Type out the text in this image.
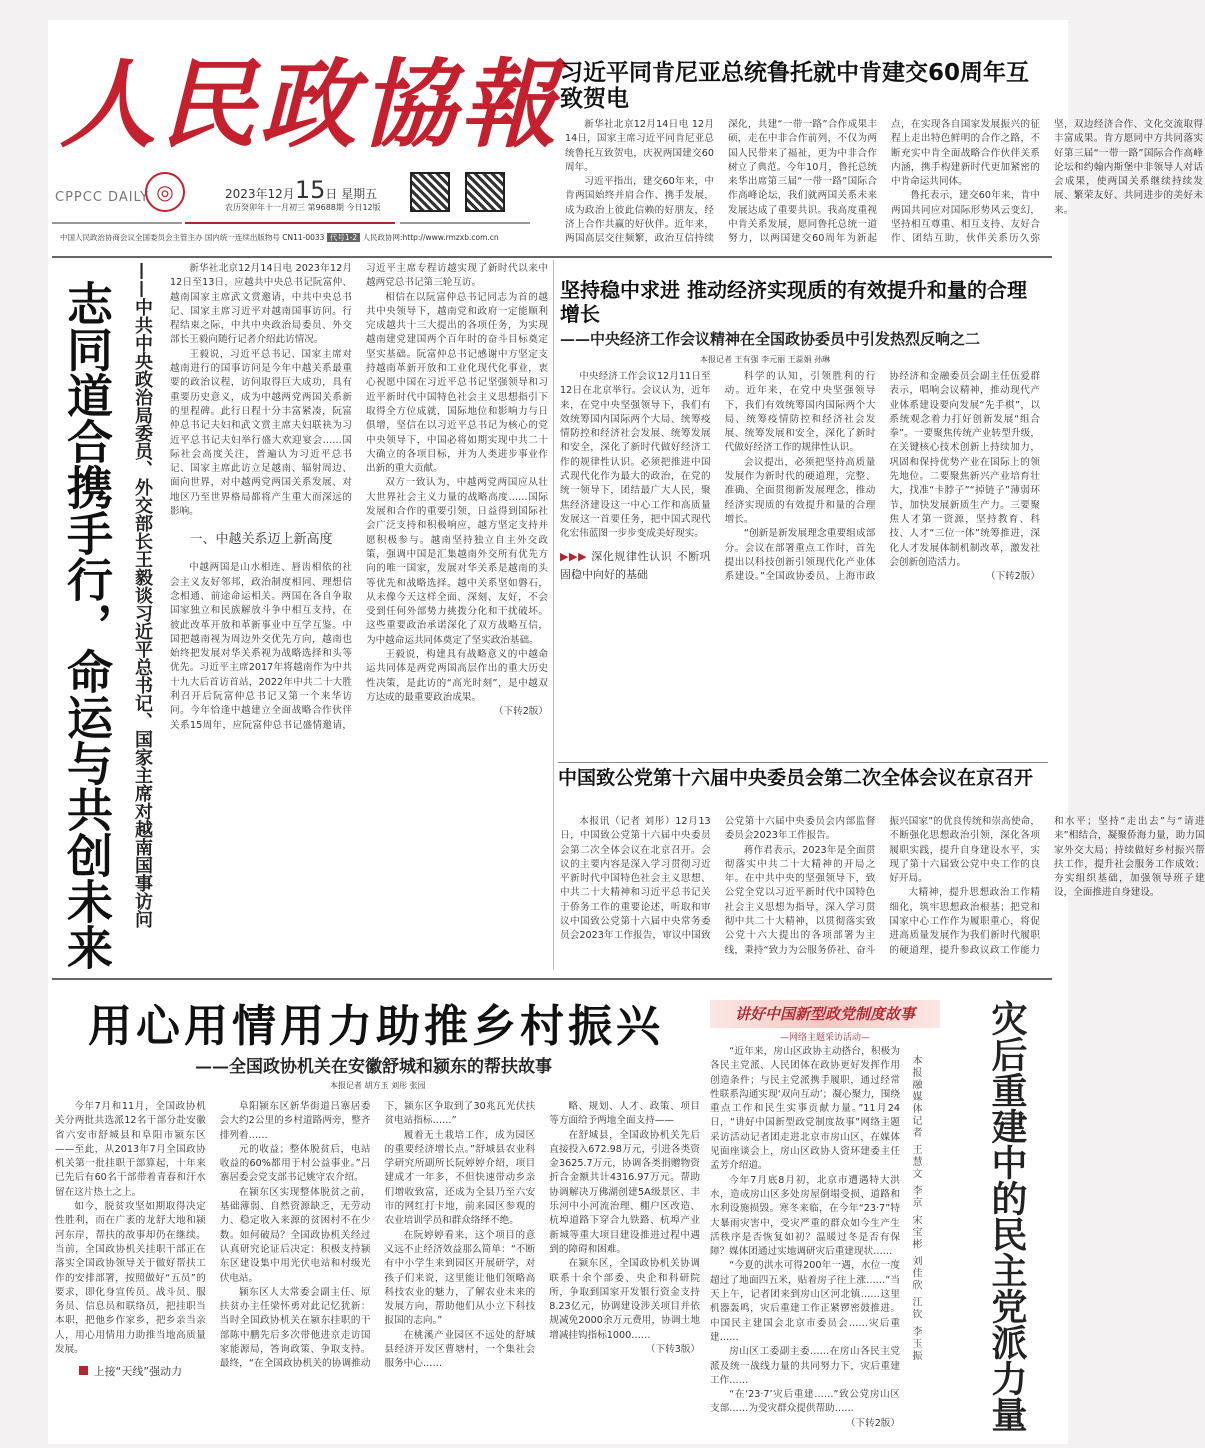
人民政協報
CPPCC DAILY ◎	2023年12月15日 星期五
农历癸卯年十一月初三 第9688期 今日12版
中国人民政治协商会议全国委员会主管主办 国内统一连续出版物号 CN11-0033 代号1-2 人民政协网:http://www.rmzxb.com.cn
习近平同肯尼亚总统鲁托就中肯建交60周年互致贺电

新华社北京12月14日电 12月14日，国家主席习近平同肯尼亚总统鲁托互致贺电，庆祝两国建交60周年。

习近平指出，建交60年来，中肯两国始终并肩合作、携手发展，成为政治上彼此信赖的好朋友，经济上合作共赢的好伙伴。近年来，两国高层交往频繁，政治互信持续深化，共建“一带一路”合作成果丰硕，走在中非合作前列，不仅为两国人民带来了福祉，更为中非合作树立了典范。今年10月，鲁托总统来华出席第三届“一带一路”国际合作高峰论坛，我们就两国关系未来发展达成了重要共识。我高度重视中肯关系发展，愿同鲁托总统一道努力，以两国建交60周年为新起点，在实现各自国家发展振兴的征程上走出特色鲜明的合作之路，不断充实中肯全面战略合作伙伴关系内涵，携手构建新时代更加紧密的中肯命运共同体。

鲁托表示，建交60年来，肯中两国共同应对国际形势风云变幻，坚持相互尊重、相互支持、友好合作、团结互助，伙伴关系历久弥坚，双边经济合作、文化交流取得丰富成果。肯方愿同中方共同落实好第三届“一带一路”国际合作高峰论坛和约翰内斯堡中非领导人对话会成果，使两国关系继续持续发展、繁荣友好、共同进步的美好未来。

志同道合携手行，命运与共创未来 ——中共中央政治局委员、外交部长王毅谈习近平总书记、国家主席对越南国事访问	新华社北京12月14日电 2023年12月12日至13日，应越共中央总书记阮富仲、越南国家主席武文赏邀请，中共中央总书记、国家主席习近平对越南国事访问。行程结束之际，中共中央政治局委员、外交部长王毅向随行记者介绍此访情况。

王毅说，习近平总书记、国家主席对越南进行的国事访问是今年中越关系最重要的政治议程，访问取得巨大成功，具有重要历史意义，成为中越两党两国关系新的里程碑。此行日程十分丰富紧凑，阮富仲总书记夫妇和武文赏主席夫妇联袂为习近平总书记夫妇举行盛大欢迎宴会……国际社会高度关注，普遍认为习近平总书记、国家主席此访立足越南、辐射周边、面向世界，对中越两党两国关系发展、对地区乃至世界格局都将产生重大而深远的影响。

一、中越关系迈上新高度

中越两国是山水相连、唇齿相依的社会主义友好邻邦，政治制度相同、理想信念相通、前途命运相关。两国在各自争取国家独立和民族解放斗争中相互支持，在彼此改革开放和革新事业中互学互鉴。中国把越南视为周边外交优先方向，越南也始终把发展对华关系视为战略选择和头等优先。习近平主席2017年将越南作为中共十九大后首访首站，2022年中共二十大胜利召开后阮富仲总书记又第一个来华访问。今年恰逢中越建立全面战略合作伙伴关系15周年，应阮富仲总书记盛情邀请，习近平主席专程访越实现了新时代以来中越两党总书记第三轮互访。

相信在以阮富仲总书记同志为首的越共中央领导下，越南党和政府一定能顺利完成越共十三大提出的各项任务，为实现越南建党建国两个百年时的奋斗目标奠定坚实基础。阮富仲总书记感谢中方坚定支持越南革新开放和工业化现代化事业，衷心祝愿中国在习近平总书记坚强领导和习近平新时代中国特色社会主义思想指引下取得全方位成就，国际地位和影响力与日俱增，坚信在以习近平总书记为核心的党中央领导下，中国必将如期实现中共二十大确立的各项目标，并为人类进步事业作出新的重大贡献。

双方一致认为，中越两党两国应从壮大世界社会主义力量的战略高度……国际发展和合作的重要引领，日益得到国际社会广泛支持和积极响应，越方坚定支持并愿积极参与。越南坚持独立自主外交政策，强调中国是汇集越南外交所有优先方向的唯一国家，发展对华关系是越南的头等优先和战略选择。越中关系坚如磐石，从未像今天这样全面、深刻、友好，不会受到任何外部势力挑拨分化和干扰破坏。这些重要政治承诺深化了双方战略互信，为中越命运共同体奠定了坚实政治基础。

王毅说，构建具有战略意义的中越命运共同体是两党两国高层作出的重大历史性决策，是此访的“高光时刻”，是中越双方达成的最重要政治成果。

（下转2版）

坚持稳中求进 推动经济实现质的有效提升和量的合理增长
——中央经济工作会议精神在全国政协委员中引发热烈反响之二
本报记者 王有强 李元丽 王蕊娟 孙琳

中央经济工作会议12月11日至12日在北京举行。会议认为，近年来，在党中央坚强领导下，我们有效统筹国内国际两个大局、统筹疫情防控和经济社会发展、统筹发展和安全，深化了新时代做好经济工作的规律性认识。必须把推进中国式现代化作为最大的政治，在党的统一领导下，团结最广大人民，聚焦经济建设这一中心工作和高质量发展这一首要任务，把中国式现代化宏伟蓝图一步步变成美好现实。

▶▶▶ 深化规律性认识 不断巩固稳中向好的基础

科学的认知，引领胜利的行动。近年来，在党中央坚强领导下，我们有效统筹国内国际两个大局、统筹疫情防控和经济社会发展、统筹发展和安全，深化了新时代做好经济工作的规律性认识。

会议提出，必须把坚持高质量发展作为新时代的硬道理，完整、准确、全面贯彻新发展理念，推动经济实现质的有效提升和量的合理增长。

“创新是新发展理念重要组成部分。会议在部署重点工作时，首先提出以科技创新引领现代化产业体系建设。”全国政协委员、上海市政协经济和金融委员会副主任伍爱群表示，唱响会议精神，推动现代产业体系建设要向发展“先手棋”，以系统观念着力打好创新发展“组合拳”。一要聚焦传统产业转型升级，在关键核心技术创新上持续加力，巩固和保持优势产业在国际上的领先地位。二要聚焦新兴产业培育壮大，找准“卡脖子”“掉链子”薄弱环节，加快发展新质生产力。三要聚焦人才第一资源，坚持教育、科技、人才“三位一体”统筹推进，深化人才发展体制机制改革，激发社会创新创造活力。

（下转2版）

中国致公党第十六届中央委员会第二次全体会议在京召开

本报讯（记者 刘彤）12月13日，中国致公党第十六届中央委员会第二次全体会议在北京召开。会议的主要内容是深入学习贯彻习近平新时代中国特色社会主义思想、中共二十大精神和习近平总书记关于侨务工作的重要论述，听取和审议中国致公党第十六届中央常务委员会2023年工作报告，审议中国致公党第十六届中央委员会内部监督委员会2023年工作报告。

蒋作君表示，2023年是全面贯彻落实中共二十大精神的开局之年。在中共中央的坚强领导下，致公党全党以习近平新时代中国特色社会主义思想为指导，深入学习贯彻中共二十大精神，以贯彻落实致公党十六大提出的各项部署为主线，秉持“致力为公服务侨社、奋斗振兴国家”的优良传统和崇高使命，不断强化思想政治引领，深化各项履职实践，提升自身建设水平，实现了第十六届致公党中央工作的良好开局。

大精神，提升思想政治工作精细化，筑牢思想政治根基；把党和国家中心工作作为履职重心，将促进高质量发展作为我们新时代履职的硬道理，提升参政议政工作能力和水平；坚持“走出去”与“请进来”相结合，凝聚侨海力量，助力国家外交大局；持续做好乡村振兴帮扶工作，提升社会服务工作成效；夯实组织基础，加强领导班子建设，全面推进自身建设。

用心用情用力助推乡村振兴
——全国政协机关在安徽舒城和颍东的帮扶故事
本报记者 胡方玉 刘彤 张园

今年7月和11月，全国政协机关分两批共选派12名干部分赴安徽省六安市舒城县和阜阳市颍东区——至此，从2013年7月全国政协机关第一批挂职干部算起，十年来已先后有60名干部带着青春和汗水留在这片热土之上。

如今，脱贫攻坚如期取得决定性胜利，而在广袤的龙舒大地和颍河东岸，帮扶的故事却仍在继续。当前，全国政协机关挂职干部正在落实全国政协领导关于做好帮扶工作的安排部署，按照做好“五员”的要求，即化身宣传员、战斗员、服务员、信息员和联络员，把挂职当本职，把他乡作家乡，把乡亲当亲人，用心用情用力助推当地高质量发展。

上接“天线”强动力

阜阳颍东区新华街道吕寨居委会大约2公里的乡村道路两旁，整齐排列着……

元的收益；整体脱贫后，电站收益的60%都用于村公益事业。”吕寨居委会党支部书记姚守农介绍。

在颍东区实现整体脱贫之前，基础薄弱、自然资源缺乏，无劳动力、稳定收入来源的贫困村不在少数。如何破局？全国政协机关经过认真研究论证后决定：积极支持颍东区建设集中用光伏电站和村级光伏电站。

颍东区人大常委会副主任、原扶贫办主任梁怀勇对此记忆犹新：当时全国政协机关在颍东挂职的干部陈中鹏先后多次带他进京走访国家能源局，答询政策、争取支持。最终，“在全国政协机关的协调推动下，颍东区争取到了30兆瓦光伏扶贫电站指标……”

履着无土栽培工作，成为园区的重要经济增长点。”舒城县农业科学研究所副所长阮婷婷介绍，项目建成才一年多，不但快速带动乡亲们增收致富，还成为全县乃至六安市的网红打卡地，前来园区参观的农业培训学员和群众络绎不绝。

在阮婷婷看来，这个项目的意义远不止经济效益那么简单：“不断有中小学生来到园区开展研学，对孩子们来说，这里能让他们领略高科技农业的魅力，了解农业未来的发展方向，帮助他们从小立下科技报国的志向。”

在桃溪产业园区不远处的舒城县经济开发区曹塘村，一个集社会服务中心……

略、规划、人才、政策、项目等方面给予两地全面支持——

在舒城县，全国政协机关先后直接投入672.98万元，引进各类资金3625.7万元，协调各类捐赠物资折合金额共计4316.97万元。帮助协调解决万佛湖创建5A级景区、丰乐河中小河流治理、棚户区改造、杭埠道路下穿合九铁路、杭埠产业新城等重大项目建设推进过程中遇到的障碍和困难。

在颍东区，全国政协机关协调联系十余个部委、央企和科研院所，争取到国家开发银行资金支持8.23亿元，协调建设涉关项目并依规减免2000余万元费用，协调土地增减挂钩指标1000……

（下转3版）

讲好中国新型政党制度故事
—网络主题采访活动—

“近年来，房山区政协主动搭台，积极为各民主党派、人民团体在政协更好发挥作用创造条件；与民主党派携手履职，通过经常性联系沟通实现‘双向互动’；凝心聚力，围绕重点工作和民生实事贡献力量。”11月24日，“讲好中国新型政党制度故事”网络主题采访活动记者团走进北京市房山区，在媒体见面座谈会上，房山区政协人资环建委主任孟芳介绍道。

今年7月底8月初，北京市遭遇特大洪水，造成房山区多处房屋倒塌受损、道路和水利设施损毁。寒冬来临，在今年“23·7”特大暴雨灾害中，受灾严重的群众如今生产生活秩序是否恢复如初？温暖过冬是否有保障？媒体团通过实地调研灾后重建现状……

“今夏的洪水可得200年一遇，水位一度超过了地面四五米，贴着房子往上涨……”当天上午，记者团来到房山区河北镇……这里机器轰鸣，灾后重建工作正紧锣密鼓推进。中国民主建国会北京市委员会……灾后重建……

房山区工委副主委……在房山各民主党派及统一战线力量的共同努力下，灾后重建工作……

“在‘23·7’灾后重建……”致公党房山区支部……为受灾群众提供帮助……

（下转2版）

本报融媒体记者 王慧文 李京 宋宝彬 刘佳欣 江钦 李玉振 灾后重建中的民主党派力量
